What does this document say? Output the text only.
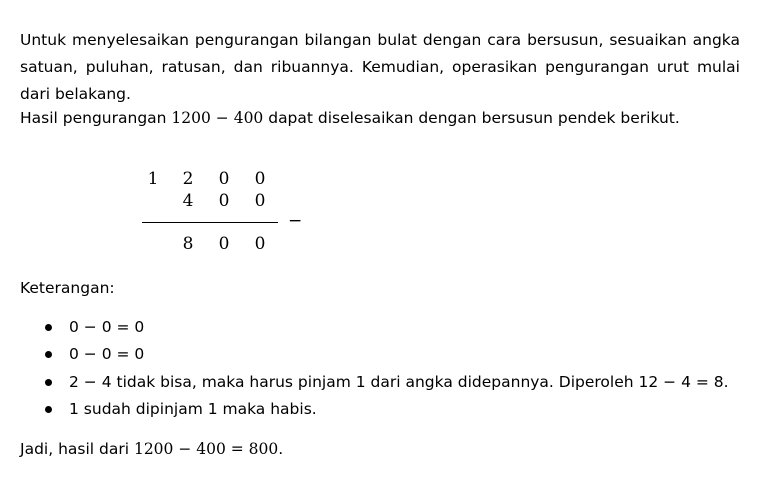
Untuk menyelesaikan pengurangan bilangan bulat dengan cara bersusun, sesuaikan angka satuan, puluhan, ratusan, dan ribuannya. Kemudian, operasikan pengurangan urut mulai dari belakang.

Hasil pengurangan 1200 − 400 dapat diselesaikan dengan bersusun pendek berikut.
1 2 0 0
4 0 0
−
8 0 0
Keterangan:
0 − 0 = 0
0 − 0 = 0
2 − 4 tidak bisa, maka harus pinjam 1 dari angka didepannya. Diperoleh 12 − 4 = 8.
1 sudah dipinjam 1 maka habis.
Jadi, hasil dari 1200 − 400 = 800.
